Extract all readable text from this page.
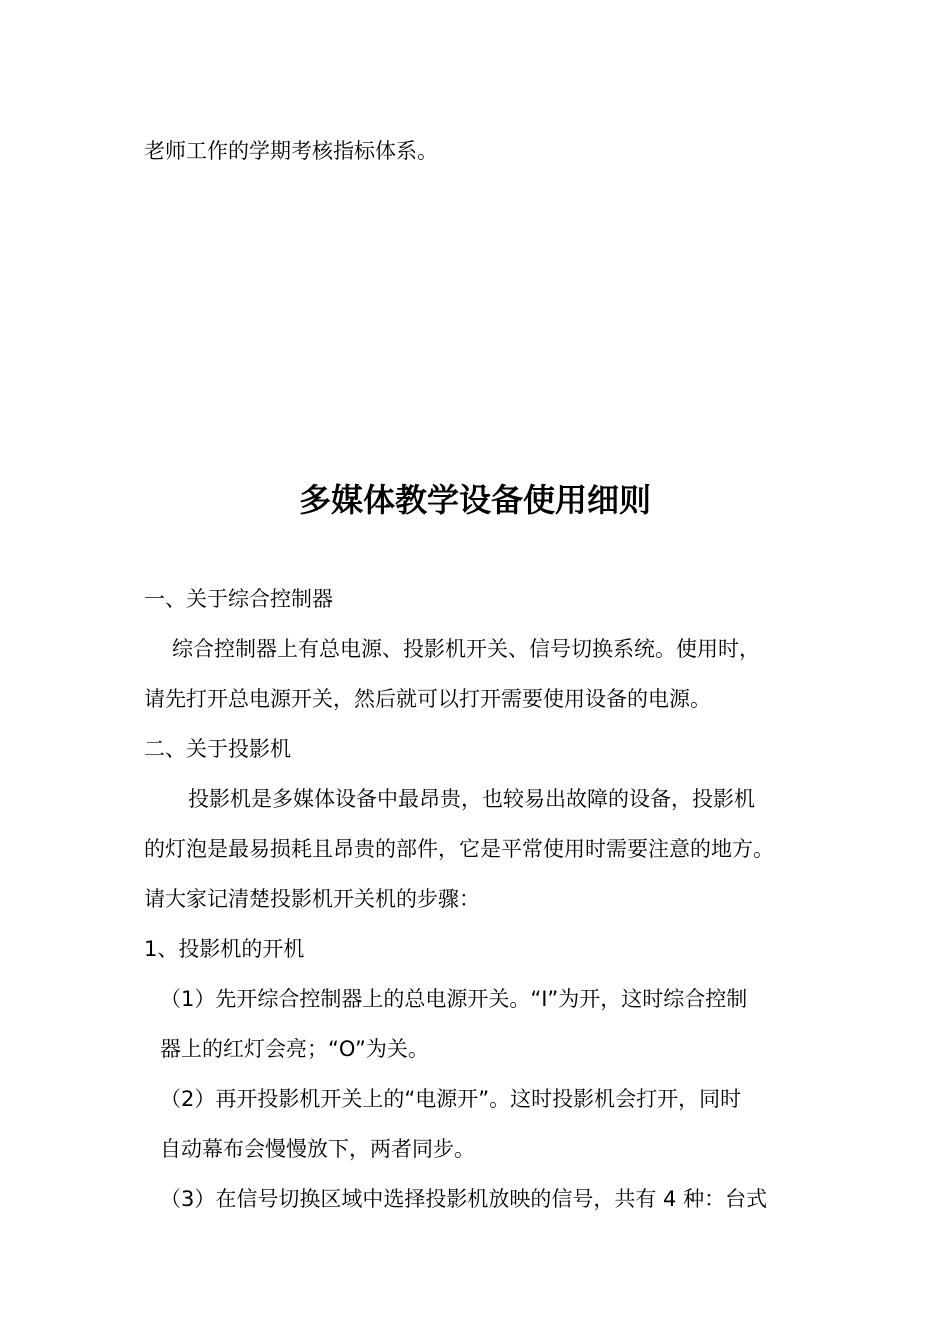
老师工作的学期考核指标体系。
多媒体教学设备使用细则
一、关于综合控制器
综合控制器上有总电源、投影机开关、信号切换系统。使用时，
请先打开总电源开关，然后就可以打开需要使用设备的电源。
二、关于投影机
投影机是多媒体设备中最昂贵，也较易出故障的设备，投影机
的灯泡是最易损耗且昂贵的部件，它是平常使用时需要注意的地方。
请大家记清楚投影机开关机的步骤：
1、投影机的开机
（1）先开综合控制器上的总电源开关。“I”为开，这时综合控制
器上的红灯会亮；“O”为关。
（2）再开投影机开关上的“电源开”。这时投影机会打开，同时
自动幕布会慢慢放下，两者同步。
（3）在信号切换区域中选择投影机放映的信号，共有 4 种：台式
